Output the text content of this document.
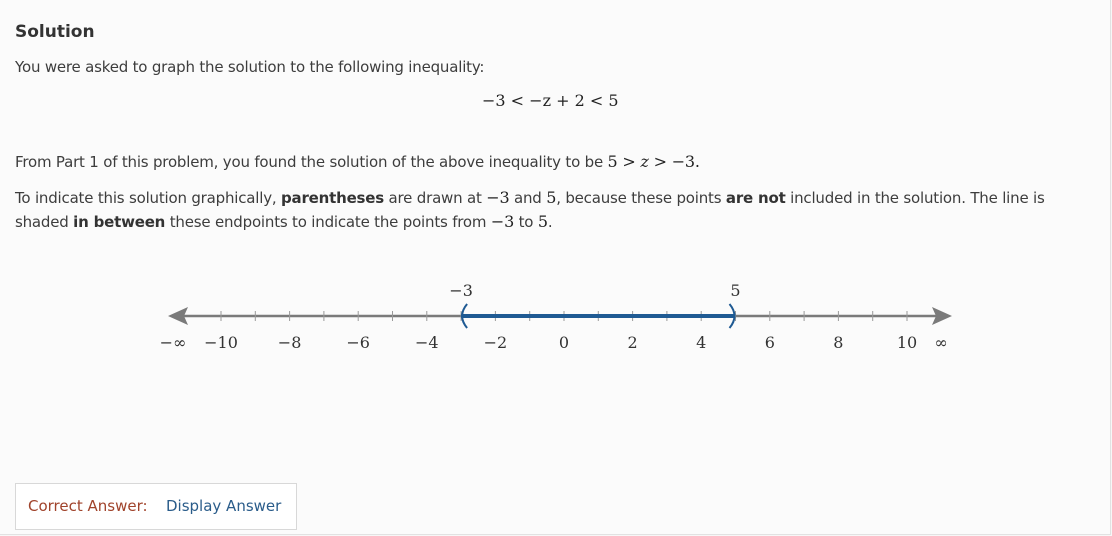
Solution
You were asked to graph the solution to the following inequality:
−3 < −z + 2 < 5
From Part 1 of this problem, you found the solution of the above inequality to be 5 > z > −3.
To indicate this solution graphically, parentheses are drawn at −3 and 5, because these points are not included in the solution. The line is shaded in between these endpoints to indicate the points from −3 to 5.
−10 −8	−6	−4	−2	0	2	4	6	8	10
−∞	∞
−3	5
Correct Answer: Display Answer
